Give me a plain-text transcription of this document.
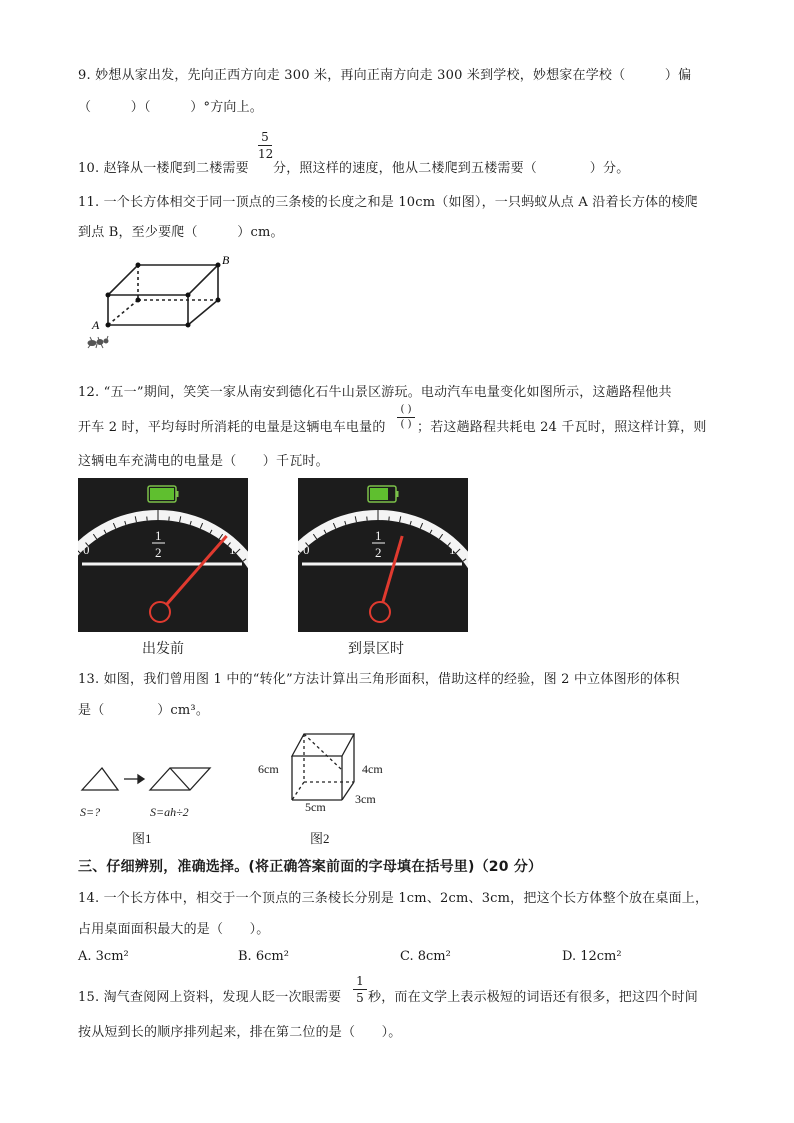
9. 妙想从家出发，先向正西方向走 300 米，再向正南方向走 300 米到学校，妙想家在学校（　　　）偏
（　　　）（　　　）°方向上。
10. 赵锋从一楼爬到二楼需要
5
12
分，照这样的速度，他从二楼爬到五楼需要（　　　　）分。
11. 一个长方体相交于同一顶点的三条棱的长度之和是 10cm（如图），一只蚂蚁从点 A 沿着长方体的棱爬
到点 B，至少要爬（　　　）cm。
A
B
12. “五一”期间，笑笑一家从南安到德化石牛山景区游玩。电动汽车电量变化如图所示，这趟路程他共
开车 2 时，平均每时所消耗的电量是这辆电车电量的
( )
( ) ；若这趟路程共耗电 24 千瓦时，照这样计算，则
这辆电车充满电的电量是（　　）千瓦时。
0	1
1
2
出发前
0	1
1
2
到景区时
13. 如图，我们曾用图 1 中的“转化”方法计算出三角形面积，借助这样的经验，图 2 中立体图形的体积
是（　　　　）cm³。
S=?	S=ah÷2
图1	图2
6cm	4cm
5cm
3cm
三、仔细辨别，准确选择。(将正确答案前面的字母填在括号里)（20 分）
14. 一个长方体中，相交于一个顶点的三条棱长分别是 1cm、2cm、3cm，把这个长方体整个放在桌面上，
占用桌面面积最大的是（　　）。
A. 3cm²	B. 6cm²	C. 8cm²	D. 12cm²
15. 淘气查阅网上资料，发现人眨一次眼需要
1
5 秒，而在文学上表示极短的词语还有很多，把这四个时间
按从短到长的顺序排列起来，排在第二位的是（　　）。
